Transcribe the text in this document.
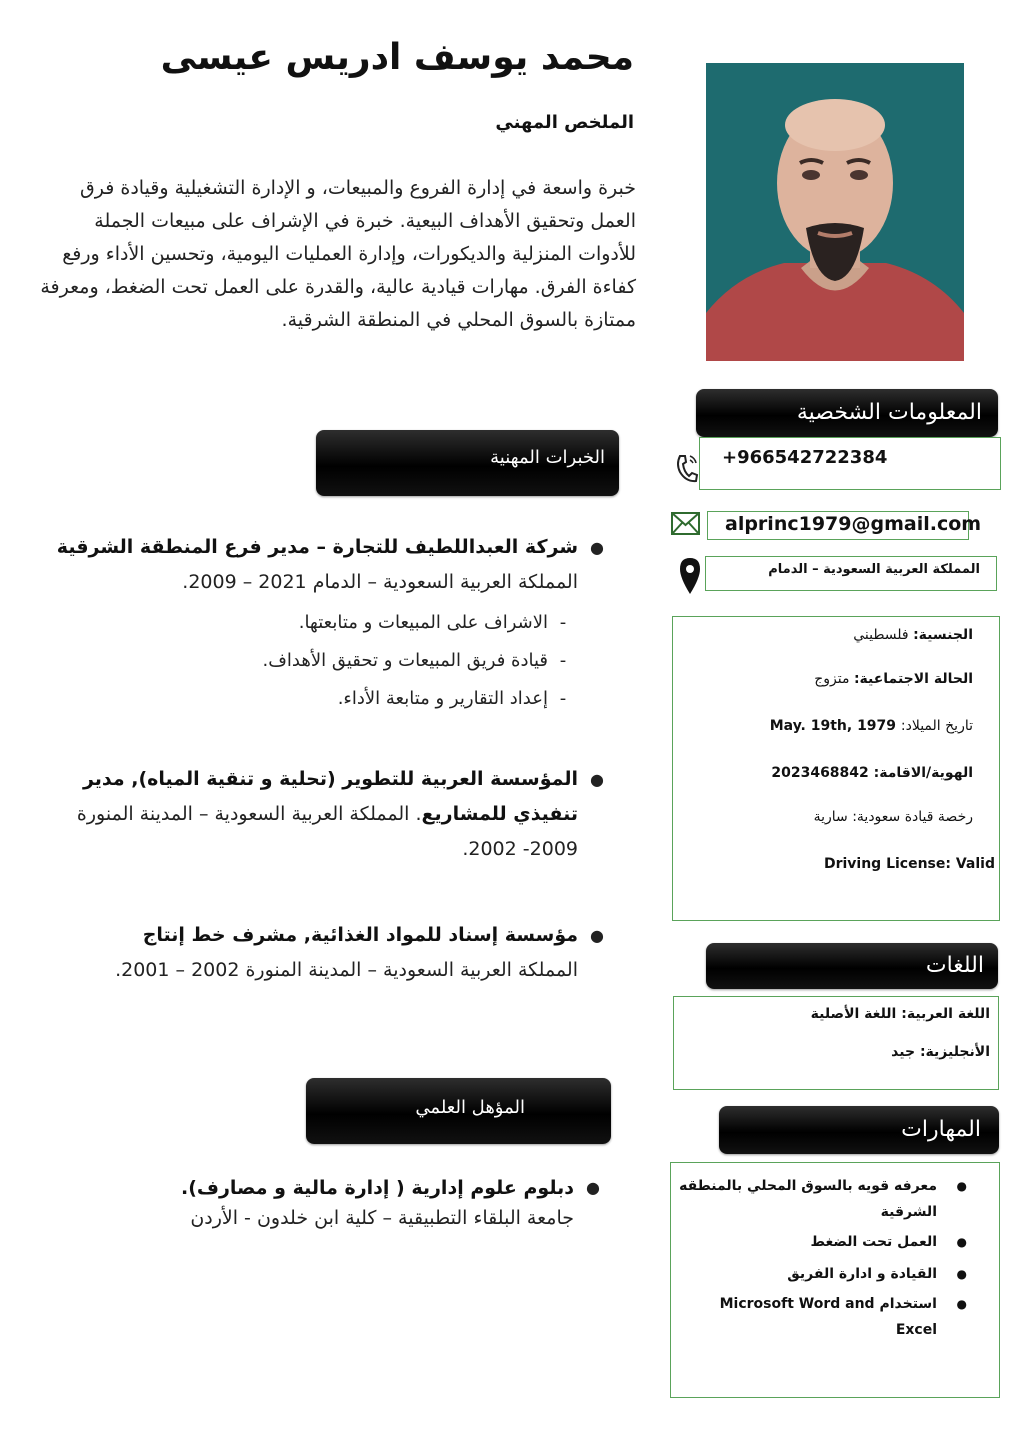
محمد يوسف ادريس عيسى
الملخص المهني
خبرة واسعة في إدارة الفروع والمبيعات، و الإدارة التشغيلية وقيادة فرق العمل وتحقيق الأهداف البيعية. خبرة في الإشراف على مبيعات الجملة للأدوات المنزلية والديكورات، وإدارة العمليات اليومية، وتحسين الأداء ورفع كفاءة الفرق. مهارات قيادية عالية، والقدرة على العمل تحت الضغط، ومعرفة ممتازة بالسوق المحلي في المنطقة الشرقية.
المعلومات الشخصية
الخبرات المهنية
اللغات
المؤهل العلمي
المهارات
+966542722384
alprinc1979@gmail.com
المملكة العربية السعودية – الدمام
الجنسية: فلسطيني
الحالة الاجتماعية: متزوج
تاريخ الميلاد: May. 19th, 1979
الهوية/الاقامة: 2023468842
رخصة قيادة سعودية: سارية
Driving License: Valid
اللغة العربية: اللغة الأصلية
الأنجليزية: جيد
●
معرفه قويه بالسوق المحلي بالمنطقه الشرقية
●
العمل تحت الضغط
●
القيادة و ادارة الفريق
●
استخدام Microsoft Word and Excel
●
شركة العبداللطيف للتجارة – مدير فرع المنطقة الشرقية
المملكة العربية السعودية – الدمام 2021 – 2009.
-الاشراف على المبيعات و متابعتها.
-قيادة فريق المبيعات و تحقيق الأهداف.
-إعداد التقارير و متابعة الأداء.
●
المؤسسة العربية للتطوير (تحلية و تنقية المياه), مدير تنفيذي للمشاريع. المملكة العربية السعودية – المدينة المنورة 2009- 2002.
●
مؤسسة إسناد للمواد الغذائية, مشرف خط إنتاج
المملكة العربية السعودية – المدينة المنورة 2002 – 2001.
●
دبلوم علوم إدارية ( إدارة مالية و مصارف).
جامعة البلقاء التطبيقية – كلية ابن خلدون - الأردن
